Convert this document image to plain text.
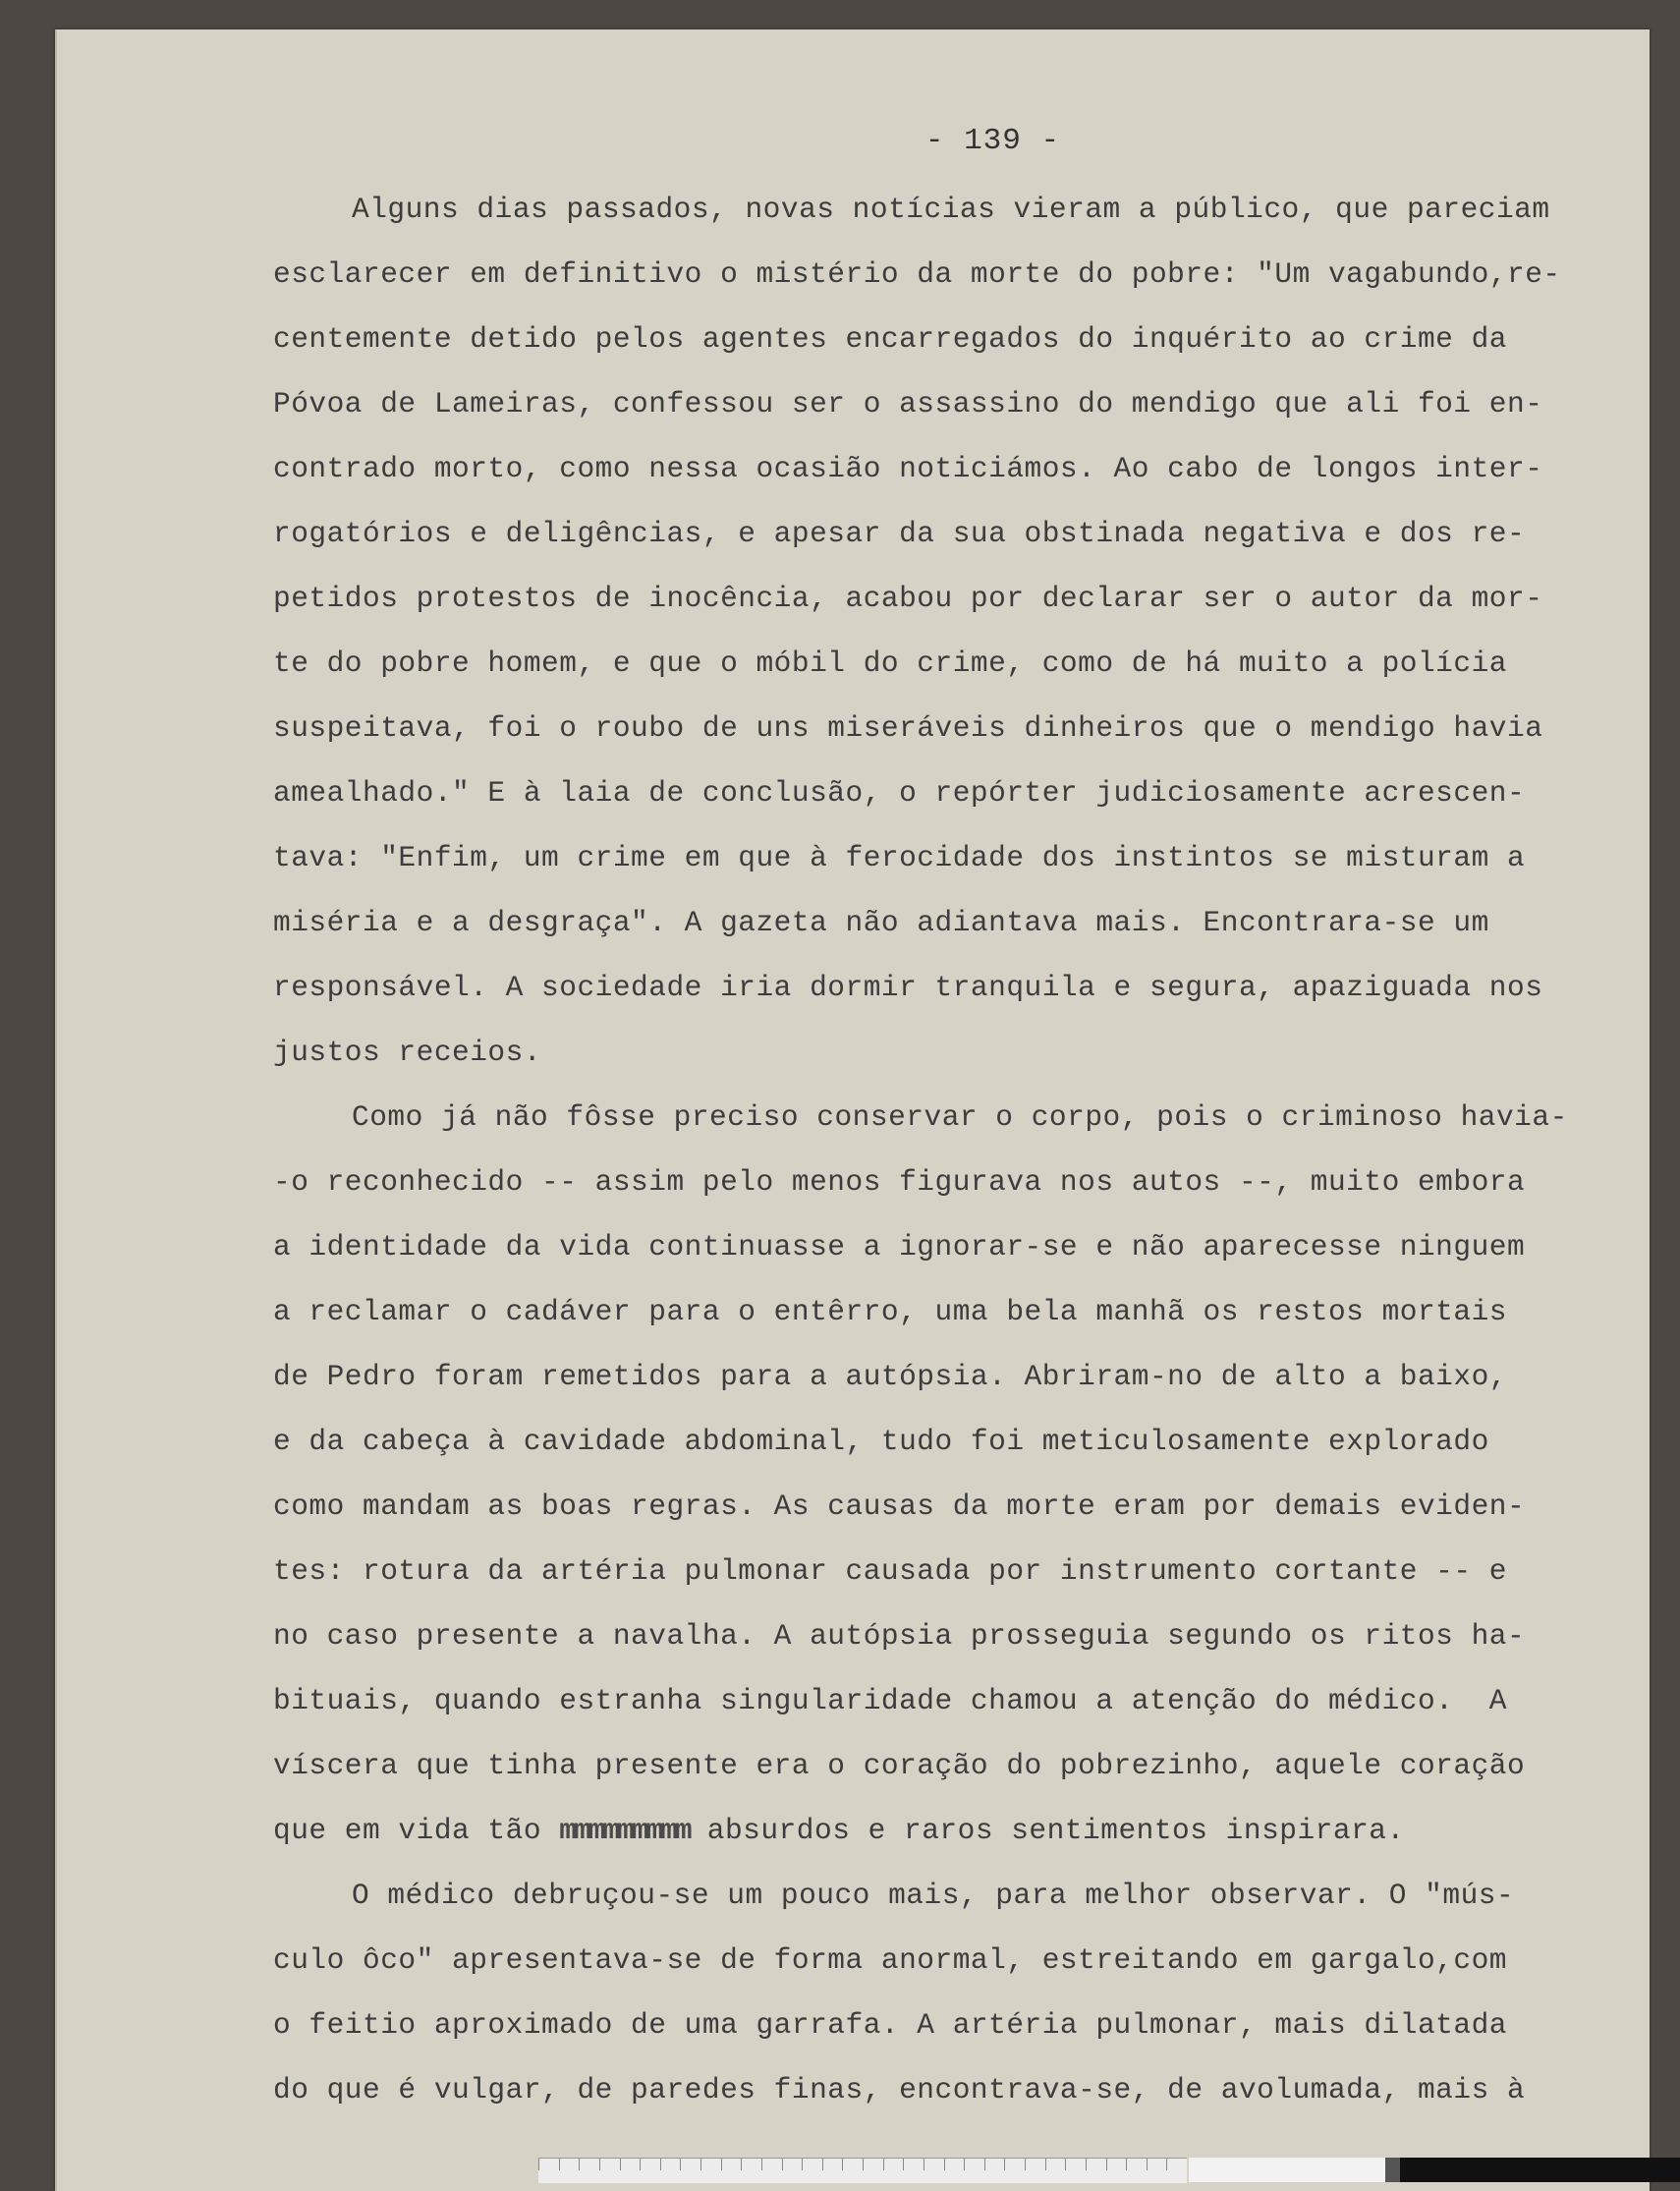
- 139 -
Alguns dias passados, novas notícias vieram a público, que pareciam
esclarecer em definitivo o mistério da morte do pobre: "Um vagabundo,re-
centemente detido pelos agentes encarregados do inquérito ao crime da
Póvoa de Lameiras, confessou ser o assassino do mendigo que ali foi en-
contrado morto, como nessa ocasião noticiámos. Ao cabo de longos inter-
rogatórios e deligências, e apesar da sua obstinada negativa e dos re-
petidos protestos de inocência, acabou por declarar ser o autor da mor-
te do pobre homem, e que o móbil do crime, como de há muito a polícia
suspeitava, foi o roubo de uns miseráveis dinheiros que o mendigo havia
amealhado." E à laia de conclusão, o repórter judiciosamente acrescen-
tava: "Enfim, um crime em que à ferocidade dos instintos se misturam a
miséria e a desgraça". A gazeta não adiantava mais. Encontrara-se um
responsável. A sociedade iria dormir tranquila e segura, apaziguada nos
justos receios.
Como já não fôsse preciso conservar o corpo, pois o criminoso havia-
-o reconhecido -- assim pelo menos figurava nos autos --, muito embora
a identidade da vida continuasse a ignorar-se e não aparecesse ninguem
a reclamar o cadáver para o entêrro, uma bela manhã os restos mortais
de Pedro foram remetidos para a autópsia. Abriram-no de alto a baixo,
e da cabeça à cavidade abdominal, tudo foi meticulosamente explorado
como mandam as boas regras. As causas da morte eram por demais eviden-
tes: rotura da artéria pulmonar causada por instrumento cortante -- e
no caso presente a navalha. A autópsia prosseguia segundo os ritos ha-
bituais, quando estranha singularidade chamou a atenção do médico.  A
víscera que tinha presente era o coração do pobrezinho, aquele coração
que em vida tão mmmmmmmmm absurdos e raros sentimentos inspirara.
O médico debruçou-se um pouco mais, para melhor observar. O "mús-
culo ôco" apresentava-se de forma anormal, estreitando em gargalo,com
o feitio aproximado de uma garrafa. A artéria pulmonar, mais dilatada
do que é vulgar, de paredes finas, encontrava-se, de avolumada, mais à
